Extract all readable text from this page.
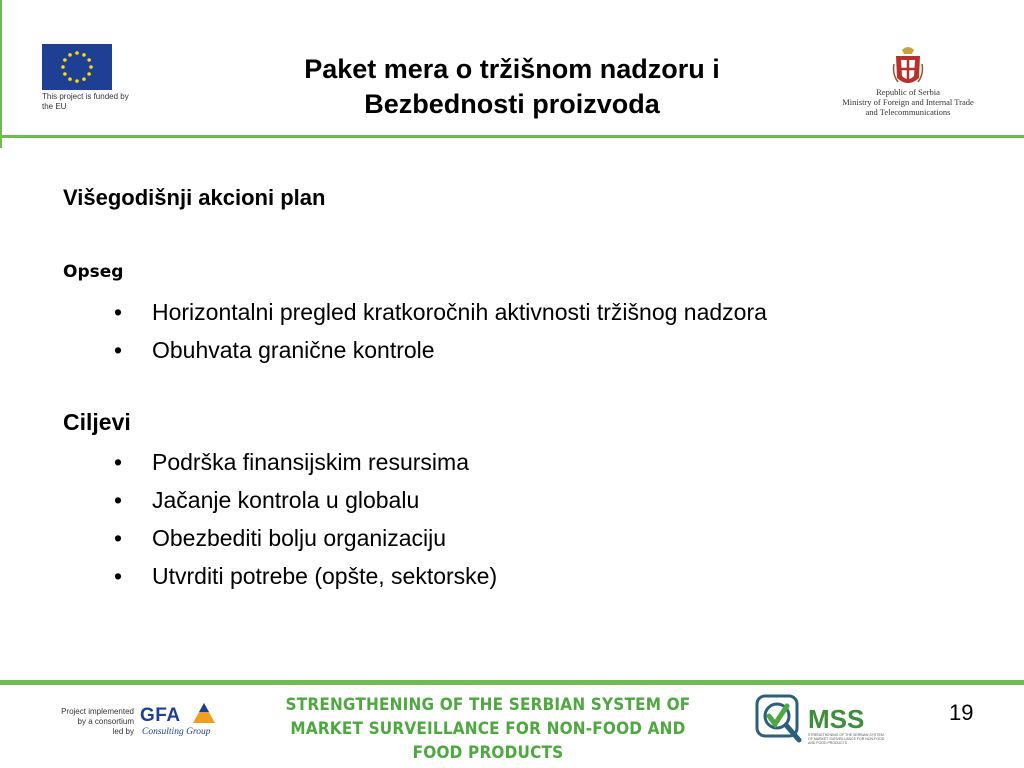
This project is funded by the EU
Paket mera o tržišnom nadzoru i
Bezbednosti proizvoda	Republic of Serbia
Ministry of Foreign and Internal Trade
and Telecommunications
Višegodišnji akcioni plan
Opseg
• Horizontalni pregled kratkoročnih aktivnosti tržišnog nadzora
• Obuhvata granične kontrole
Ciljevi
• Podrška finansijskim resursima
• Jačanje kontrola u globalu
• Obezbediti bolju organizaciju
• Utvrditi potrebe (opšte, sektorske)
Project implemented
by a consortium
led by
GFA
Consulting Group
STRENGTHENING OF THE SERBIAN SYSTEM OF
MARKET SURVEILLANCE FOR NON-FOOD AND FOOD PRODUCTS
MSS
STRENGTHENING OF THE SERBIAN SYSTEM OF MARKET SURVEILLANCE FOR NON-FOOD AND FOOD PRODUCTS
19
